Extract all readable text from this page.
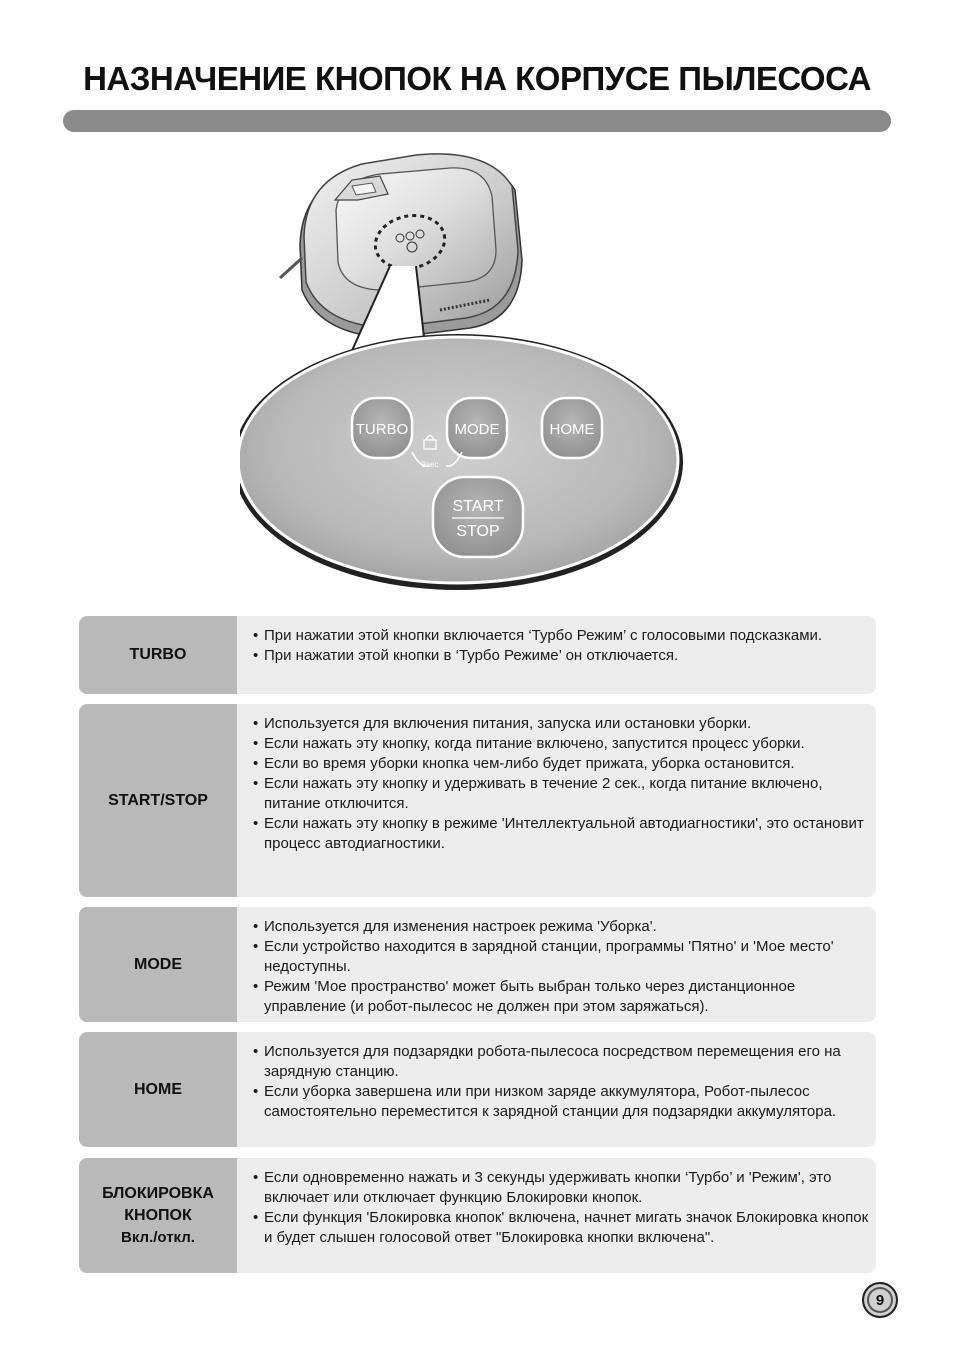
НАЗНАЧЕНИЕ КНОПОК НА КОРПУСЕ ПЫЛЕСОСА
TURBO	MODE	HOME
3sec
START
STOP
TURBO
• При нажатии этой кнопки включается ‘Турбо Режим’ с голосовыми подсказками.
• При нажатии этой кнопки в ‘Турбо Режиме’ он отключается.
START/STOP
• Используется для включения питания, запуска или остановки уборки.
• Если нажать эту кнопку, когда питание включено, запустится процесс уборки.
• Если во время уборки кнопка чем-либо будет прижата, уборка остановится.
• Если нажать эту кнопку и удерживать в течение 2 сек., когда питание включено, питание отключится.
• Если нажать эту кнопку в режиме 'Интеллектуальной автодиагностики', это остановит процесс автодиагностики.
MODE
• Используется для изменения настроек режима 'Уборка'.
• Если устройство находится в зарядной станции, программы 'Пятно' и 'Мое место' недоступны.
• Режим 'Мое пространство' может быть выбран только через дистанционное управление (и робот-пылесос не должен при этом заряжаться).
HOME
• Используется для подзарядки робота-пылесоса посредством перемещения его на зарядную станцию.
• Если уборка завершена или при низком заряде аккумулятора, Робот-пылесос самостоятельно переместится к зарядной станции для подзарядки аккумулятора.
БЛОКИРОВКА
КНОПОК
Вкл./откл.
• Если одновременно нажать и 3 секунды удерживать кнопки ‘Турбо’ и 'Режим', это включает или отключает функцию Блокировки кнопок.
• Если функция 'Блокировка кнопок' включена, начнет мигать значок Блокировка кнопок и будет слышен голосовой ответ "Блокировка кнопки включена".
9
